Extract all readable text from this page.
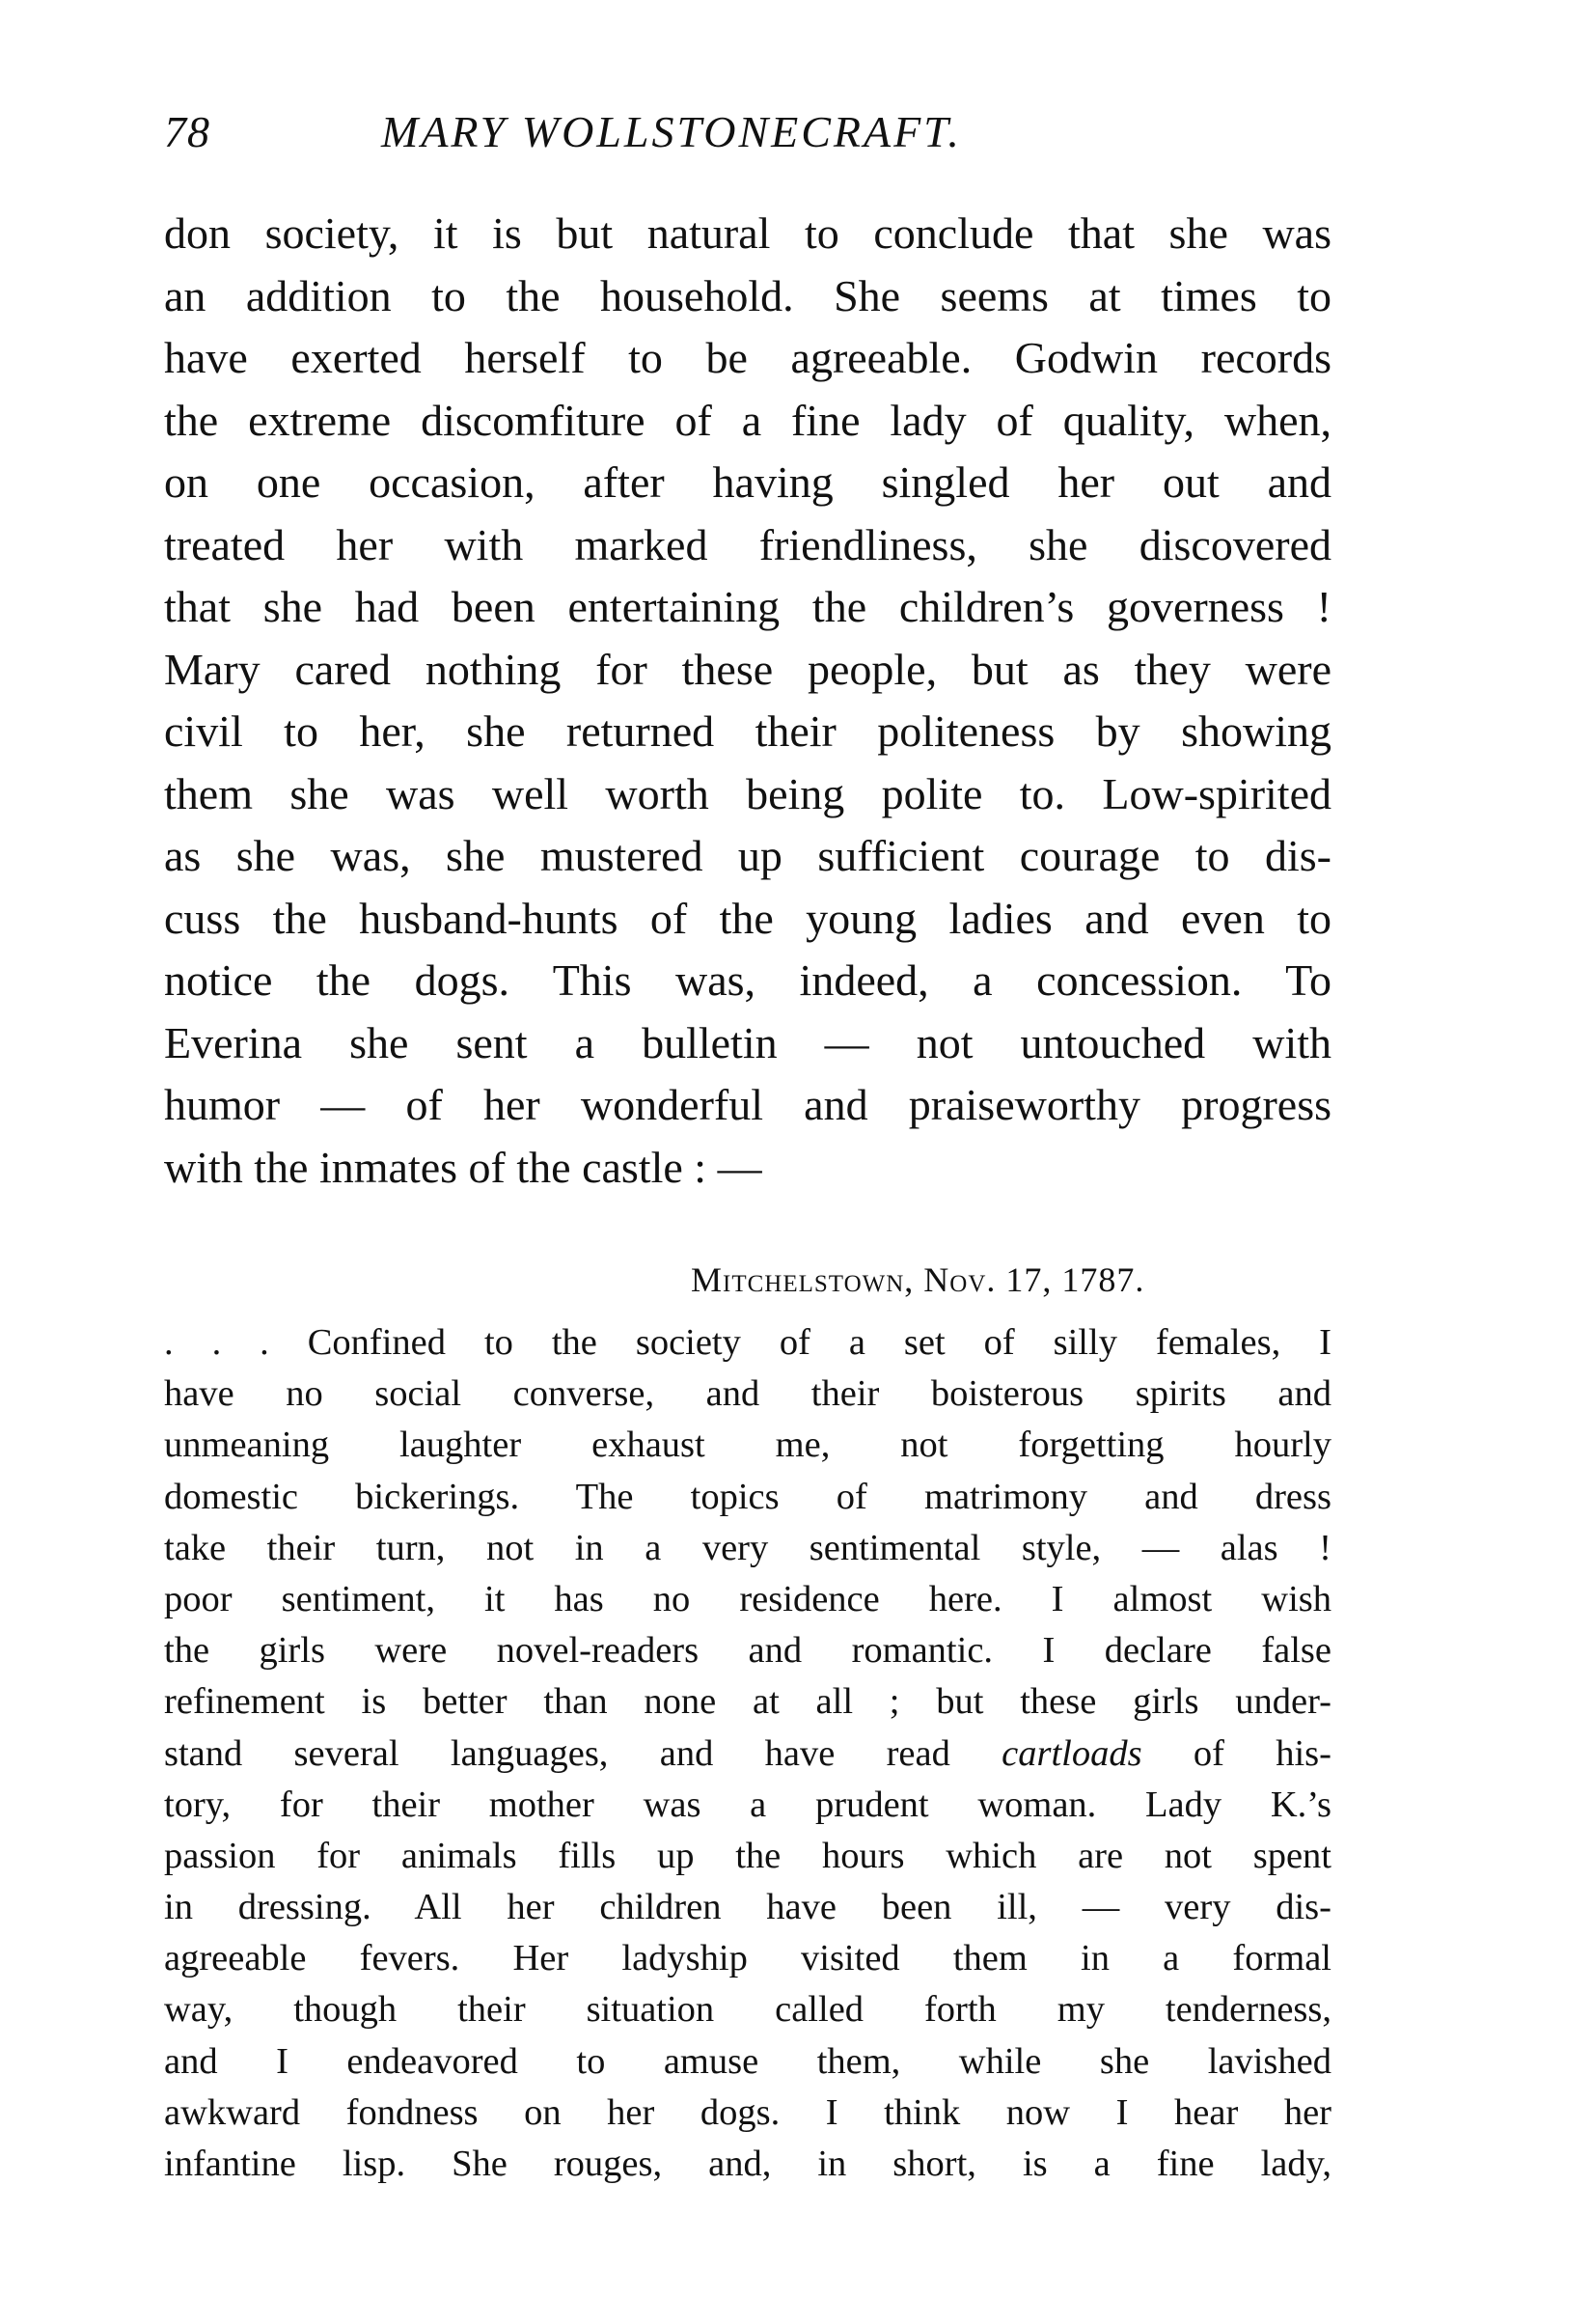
78	MARY WOLLSTONECRAFT.
don society, it is but natural to conclude that she was
an addition to the household. She seems at times to
have exerted herself to be agreeable. Godwin records
the extreme discomfiture of a fine lady of quality, when,
on one occasion, after having singled her out and
treated her with marked friendliness, she discovered
that she had been entertaining the children’s governess !
Mary cared nothing for these people, but as they were
civil to her, she returned their politeness by showing
them she was well worth being polite to. Low-spirited
as she was, she mustered up sufficient courage to dis-
cuss the husband-hunts of the young ladies and even to
notice the dogs. This was, indeed, a concession. To
Everina she sent a bulletin — not untouched with
humor — of her wonderful and praiseworthy progress
with the inmates of the castle : —
Mitchelstown, Nov. 17, 1787.
. . . Confined to the society of a set of silly females, I
have no social converse, and their boisterous spirits and
unmeaning laughter exhaust me, not forgetting hourly
domestic bickerings. The topics of matrimony and dress
take their turn, not in a very sentimental style, — alas !
poor sentiment, it has no residence here. I almost wish
the girls were novel-readers and romantic. I declare false
refinement is better than none at all ; but these girls under-
stand several languages, and have read cartloads of his-
tory, for their mother was a prudent woman. Lady K.’s
passion for animals fills up the hours which are not spent
in dressing. All her children have been ill, — very dis-
agreeable fevers. Her ladyship visited them in a formal
way, though their situation called forth my tenderness,
and I endeavored to amuse them, while she lavished
awkward fondness on her dogs. I think now I hear her
infantine lisp. She rouges, and, in short, is a fine lady,
